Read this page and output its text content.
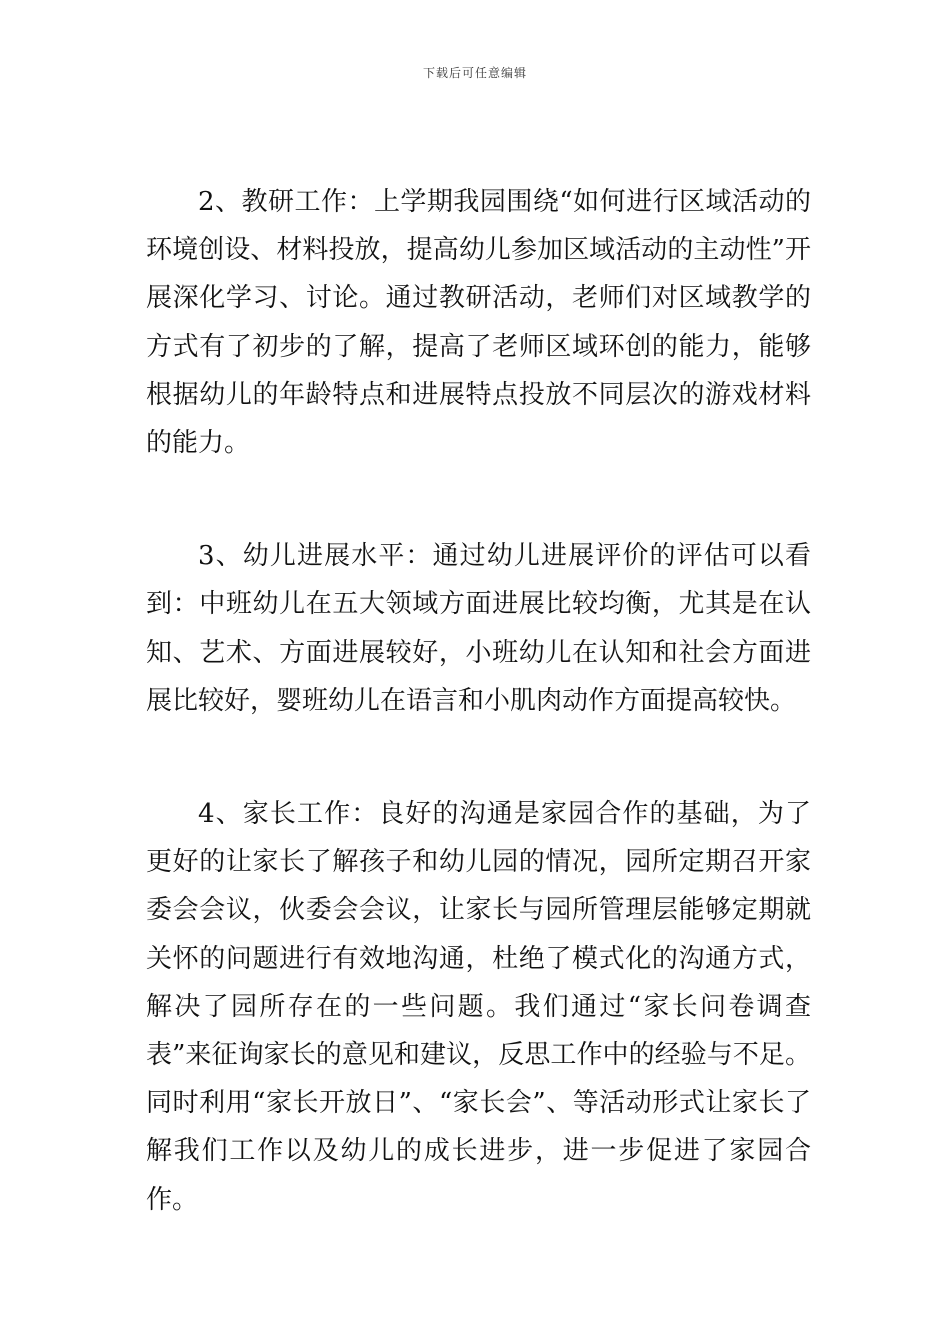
下载后可任意编辑

2、教研工作：上学期我园围绕“如何进行区域活动的环境创设、材料投放，提高幼儿参加区域活动的主动性”开展深化学习、讨论。通过教研活动，老师们对区域教学的方式有了初步的了解，提高了老师区域环创的能力，能够根据幼儿的年龄特点和进展特点投放不同层次的游戏材料的能力。

3、幼儿进展水平：通过幼儿进展评价的评估可以看到：中班幼儿在五大领域方面进展比较均衡，尤其是在认知、艺术、方面进展较好，小班幼儿在认知和社会方面进展比较好，婴班幼儿在语言和小肌肉动作方面提高较快。

4、家长工作：良好的沟通是家园合作的基础，为了更好的让家长了解孩子和幼儿园的情况，园所定期召开家委会会议，伙委会会议，让家长与园所管理层能够定期就关怀的问题进行有效地沟通，杜绝了模式化的沟通方式，解决了园所存在的一些问题。我们通过“家长问卷调查表”来征询家长的意见和建议，反思工作中的经验与不足。同时利用“家长开放日”、“家长会”、等活动形式让家长了解我们工作以及幼儿的成长进步，进一步促进了家园合作。
